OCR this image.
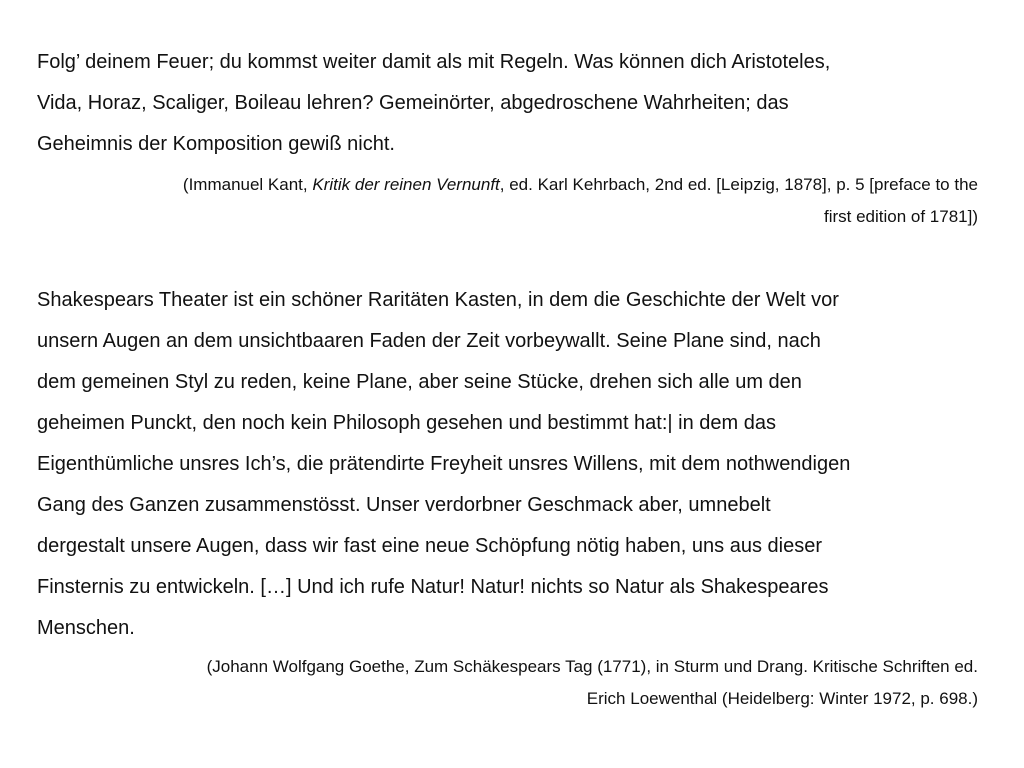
Folg’ deinem Feuer; du kommst weiter damit als mit Regeln. Was können dich Aristoteles,
Vida, Horaz, Scaliger, Boileau lehren? Gemeinörter, abgedroschene Wahrheiten; das
Geheimnis der Komposition gewiß nicht.

(Immanuel Kant, Kritik der reinen Vernunft, ed. Karl Kehrbach, 2nd ed. [Leipzig, 1878], p. 5 [preface to the
first edition of 1781])

Shakespears Theater ist ein schöner Raritäten Kasten, in dem die Geschichte der Welt vor
unsern Augen an dem unsichtbaaren Faden der Zeit vorbeywallt. Seine Plane sind, nach
dem gemeinen Styl zu reden, keine Plane, aber seine Stücke, drehen sich alle um den
geheimen Punckt, den noch kein Philosoph gesehen und bestimmt hat:| in dem das
Eigenthümliche unsres Ich’s, die prätendirte Freyheit unsres Willens, mit dem nothwendigen
Gang des Ganzen zusammenstösst. Unser verdorbner Geschmack aber, umnebelt
dergestalt unsere Augen, dass wir fast eine neue Schöpfung nötig haben, uns aus dieser
Finsternis zu entwickeln. […] Und ich rufe Natur! Natur! nichts so Natur als Shakespeares
Menschen.

(Johann Wolfgang Goethe, Zum Schäkespears Tag (1771), in Sturm und Drang. Kritische Schriften ed.
Erich Loewenthal (Heidelberg: Winter 1972, p. 698.)
